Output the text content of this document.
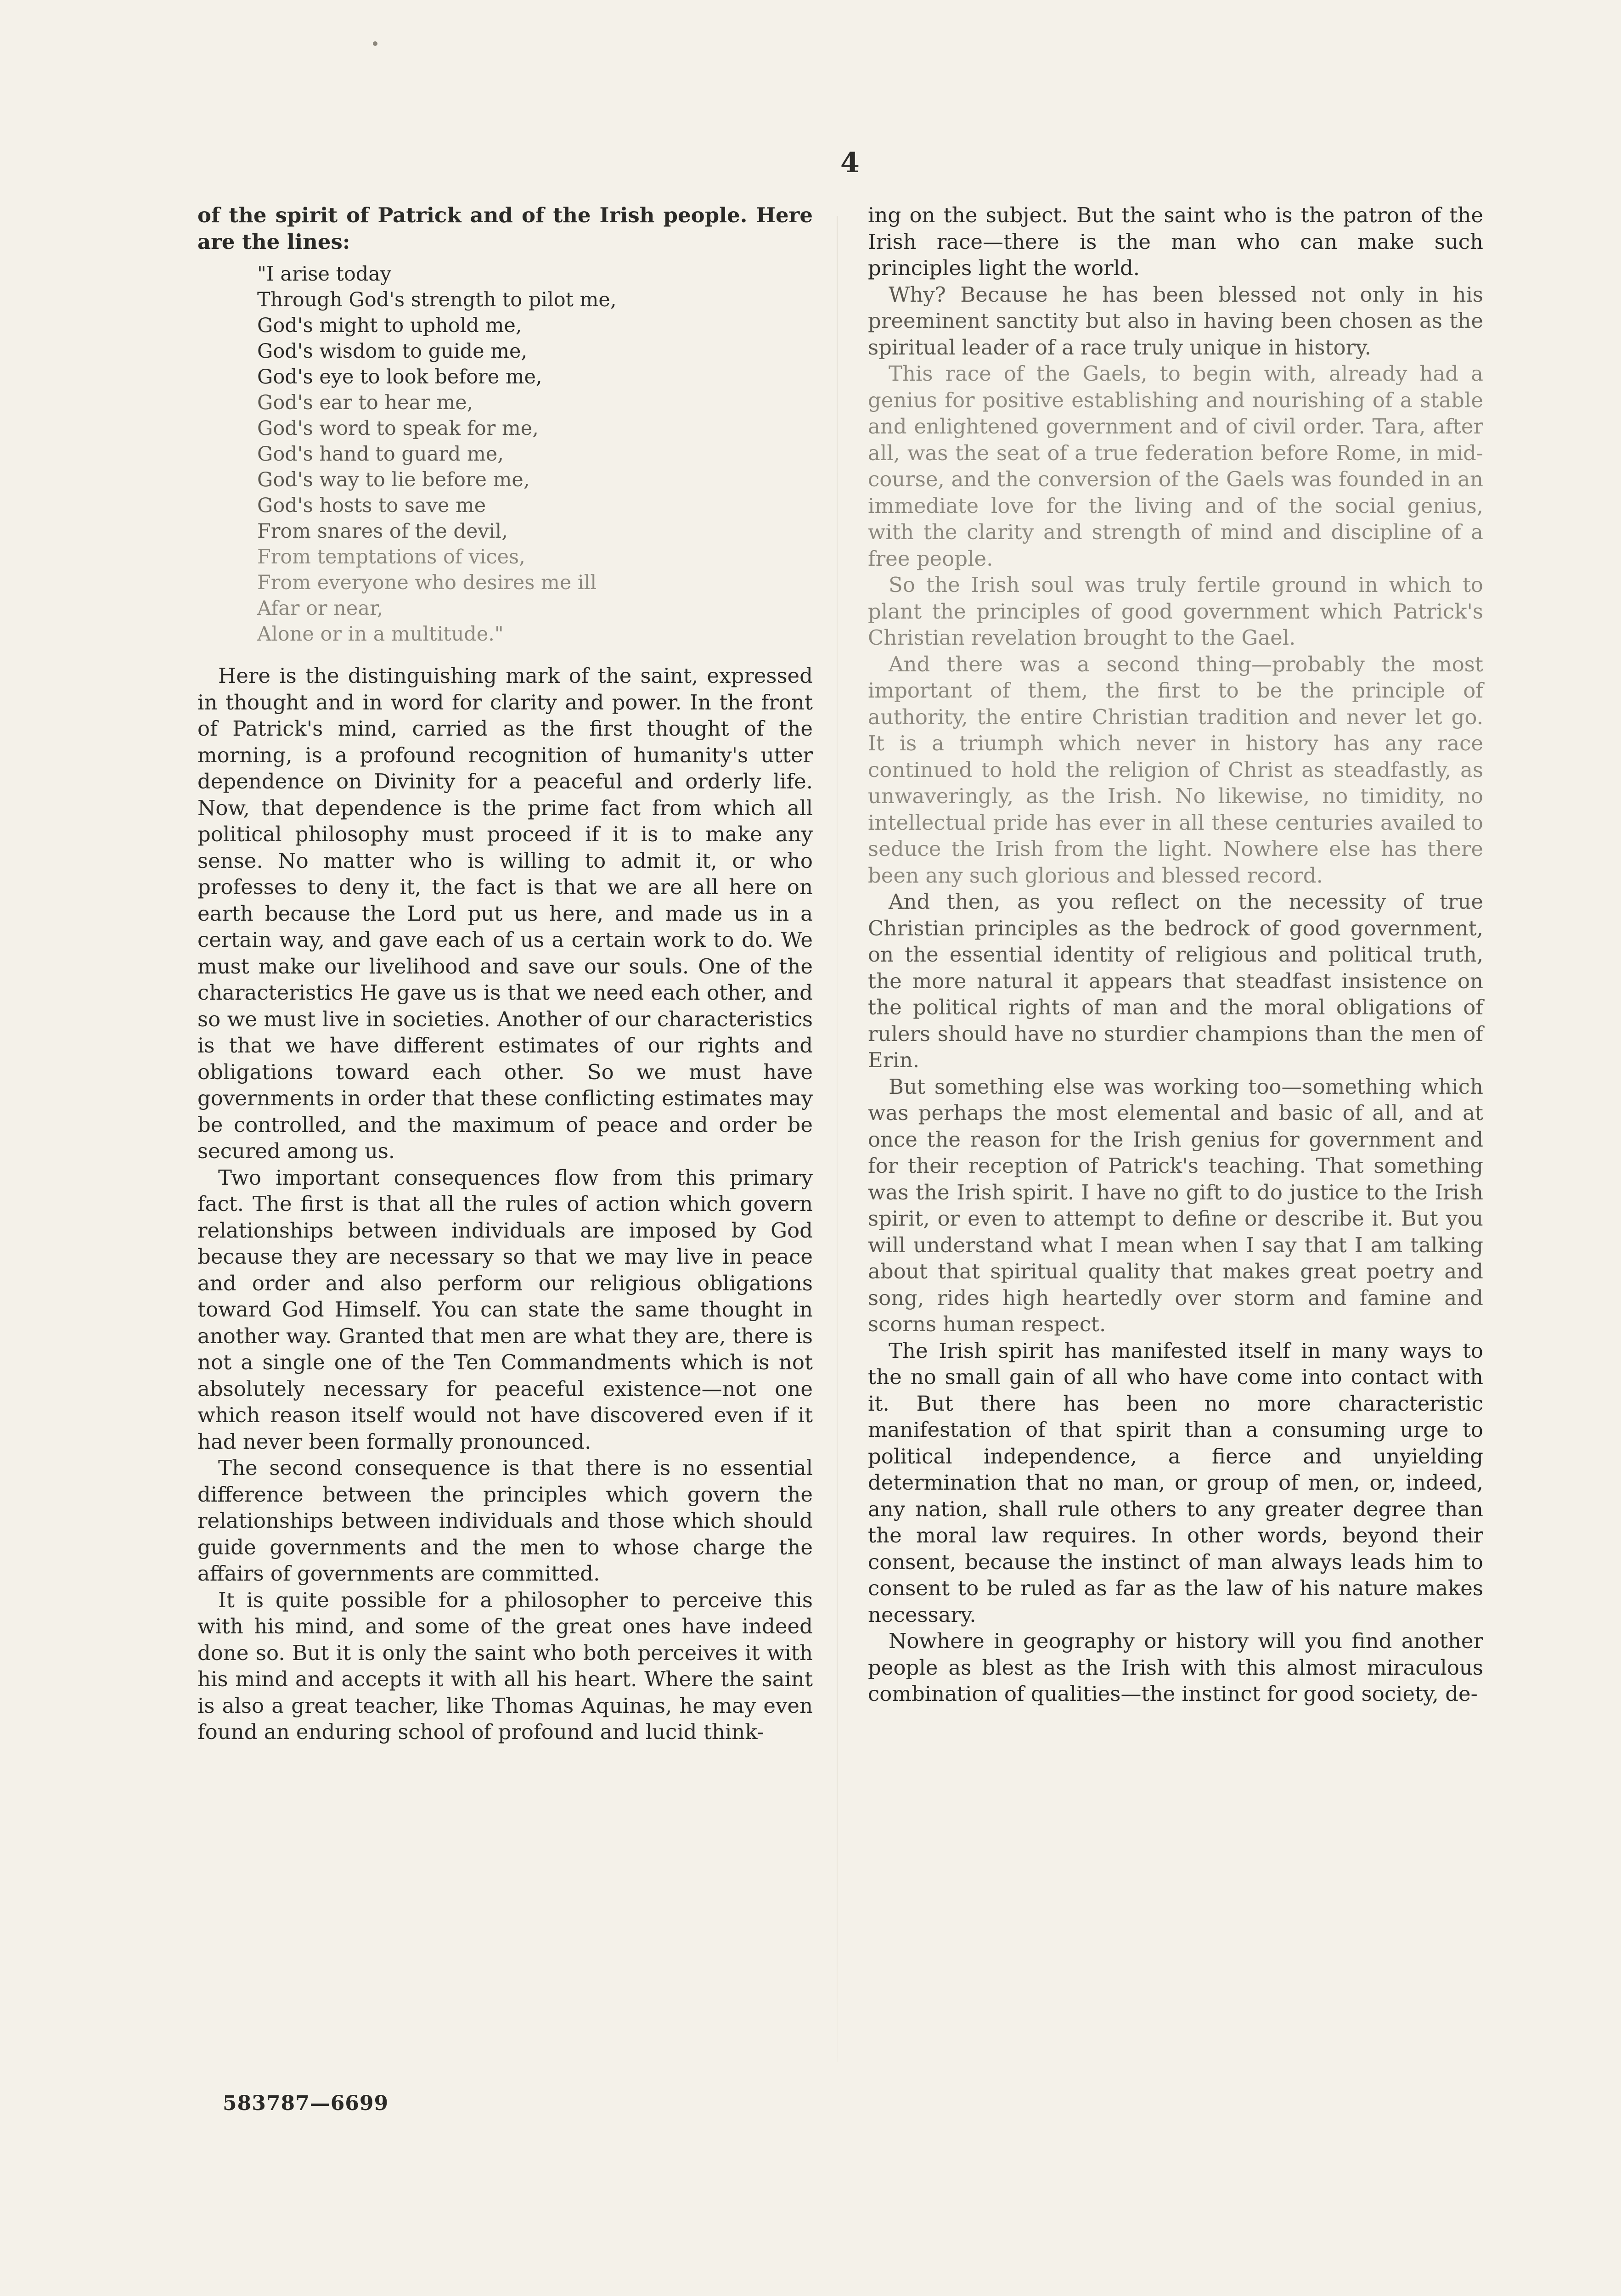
4

of the spirit of Patrick and of the Irish people. Here are the lines:

"I arise today
Through God's strength to pilot me,
God's might to uphold me,
God's wisdom to guide me,
God's eye to look before me,
God's ear to hear me,
God's word to speak for me,
God's hand to guard me,
God's way to lie before me,
God's hosts to save me
From snares of the devil,
From temptations of vices,
From everyone who desires me ill
Afar or near,
Alone or in a multitude."

Here is the distinguishing mark of the saint, expressed in thought and in word for clarity and power. In the front of Patrick's mind, carried as the first thought of the morning, is a profound recognition of humanity's utter dependence on Divinity for a peaceful and orderly life. Now, that dependence is the prime fact from which all political philosophy must proceed if it is to make any sense. No matter who is willing to admit it, or who professes to deny it, the fact is that we are all here on earth because the Lord put us here, and made us in a certain way, and gave each of us a certain work to do. We must make our livelihood and save our souls. One of the characteristics He gave us is that we need each other, and so we must live in societies. Another of our characteristics is that we have different estimates of our rights and obligations toward each other. So we must have governments in order that these conflicting estimates may be controlled, and the maximum of peace and order be secured among us.

Two important consequences flow from this primary fact. The first is that all the rules of action which govern relationships between individuals are imposed by God because they are necessary so that we may live in peace and order and also perform our religious obligations toward God Himself. You can state the same thought in another way. Granted that men are what they are, there is not a single one of the Ten Commandments which is not absolutely necessary for peaceful existence—not one which reason itself would not have discovered even if it had never been formally pronounced.

The second consequence is that there is no essential difference between the principles which govern the relationships between individuals and those which should guide governments and the men to whose charge the affairs of governments are committed.

It is quite possible for a philosopher to perceive this with his mind, and some of the great ones have indeed done so. But it is only the saint who both perceives it with his mind and accepts it with all his heart. Where the saint is also a great teacher, like Thomas Aquinas, he may even found an enduring school of profound and lucid think-

ing on the subject. But the saint who is the patron of the Irish race—there is the man who can make such principles light the world.

Why? Because he has been blessed not only in his preeminent sanctity but also in having been chosen as the spiritual leader of a race truly unique in history.

This race of the Gaels, to begin with, already had a genius for positive establishing and nourishing of a stable and enlightened government and of civil order. Tara, after all, was the seat of a true federation before Rome, in mid-course, and the conversion of the Gaels was founded in an immediate love for the living and of the social genius, with the clarity and strength of mind and discipline of a free people.

So the Irish soul was truly fertile ground in which to plant the principles of good government which Patrick's Christian revelation brought to the Gael.

And there was a second thing—probably the most important of them, the first to be the principle of authority, the entire Christian tradition and never let go. It is a triumph which never in history has any race continued to hold the religion of Christ as steadfastly, as unwaveringly, as the Irish. No likewise, no timidity, no intellectual pride has ever in all these centuries availed to seduce the Irish from the light. Nowhere else has there been any such glorious and blessed record.

And then, as you reflect on the necessity of true Christian principles as the bedrock of good government, on the essential identity of religious and political truth, the more natural it appears that steadfast insistence on the political rights of man and the moral obligations of rulers should have no sturdier champions than the men of Erin.

But something else was working too—something which was perhaps the most elemental and basic of all, and at once the reason for the Irish genius for government and for their reception of Patrick's teaching. That something was the Irish spirit. I have no gift to do justice to the Irish spirit, or even to attempt to define or describe it. But you will understand what I mean when I say that I am talking about that spiritual quality that makes great poetry and song, rides high heartedly over storm and famine and scorns human respect.

The Irish spirit has manifested itself in many ways to the no small gain of all who have come into contact with it. But there has been no more characteristic manifestation of that spirit than a consuming urge to political independence, a fierce and unyielding determination that no man, or group of men, or, indeed, any nation, shall rule others to any greater degree than the moral law requires. In other words, beyond their consent, because the instinct of man always leads him to consent to be ruled as far as the law of his nature makes necessary.

Nowhere in geography or history will you find another people as blest as the Irish with this almost miraculous combination of qualities—the instinct for good society, de-

583787—6699
